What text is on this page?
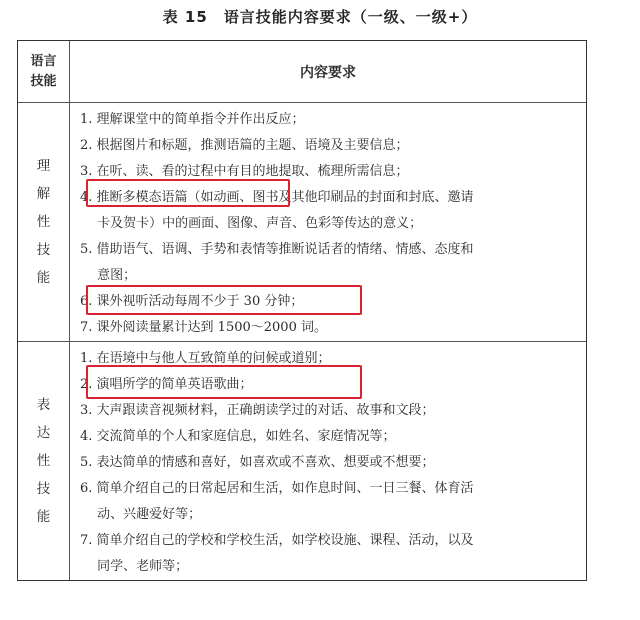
表 15　语言技能内容要求（一级、一级+）
语言
技能
内容要求
理
解
性
技
能
1. 理解课堂中的简单指令并作出反应；
2. 根据图片和标题，推测语篇的主题、语境及主要信息；
3. 在听、读、看的过程中有目的地提取、梳理所需信息；
4. 推断多模态语篇（如动画、图书及其他印刷品的封面和封底、邀请
　 卡及贺卡）中的画面、图像、声音、色彩等传达的意义；
5. 借助语气、语调、手势和表情等推断说话者的情绪、情感、态度和
　 意图；
6. 课外视听活动每周不少于 30 分钟；
7. 课外阅读量累计达到 1500～2000 词。
表
达
性
技
能
1. 在语境中与他人互致简单的问候或道别；
2. 演唱所学的简单英语歌曲；
3. 大声跟读音视频材料，正确朗读学过的对话、故事和文段；
4. 交流简单的个人和家庭信息，如姓名、家庭情况等；
5. 表达简单的情感和喜好，如喜欢或不喜欢、想要或不想要；
6. 简单介绍自己的日常起居和生活，如作息时间、一日三餐、体育活
　 动、兴趣爱好等；
7. 简单介绍自己的学校和学校生活，如学校设施、课程、活动，以及
　 同学、老师等；
